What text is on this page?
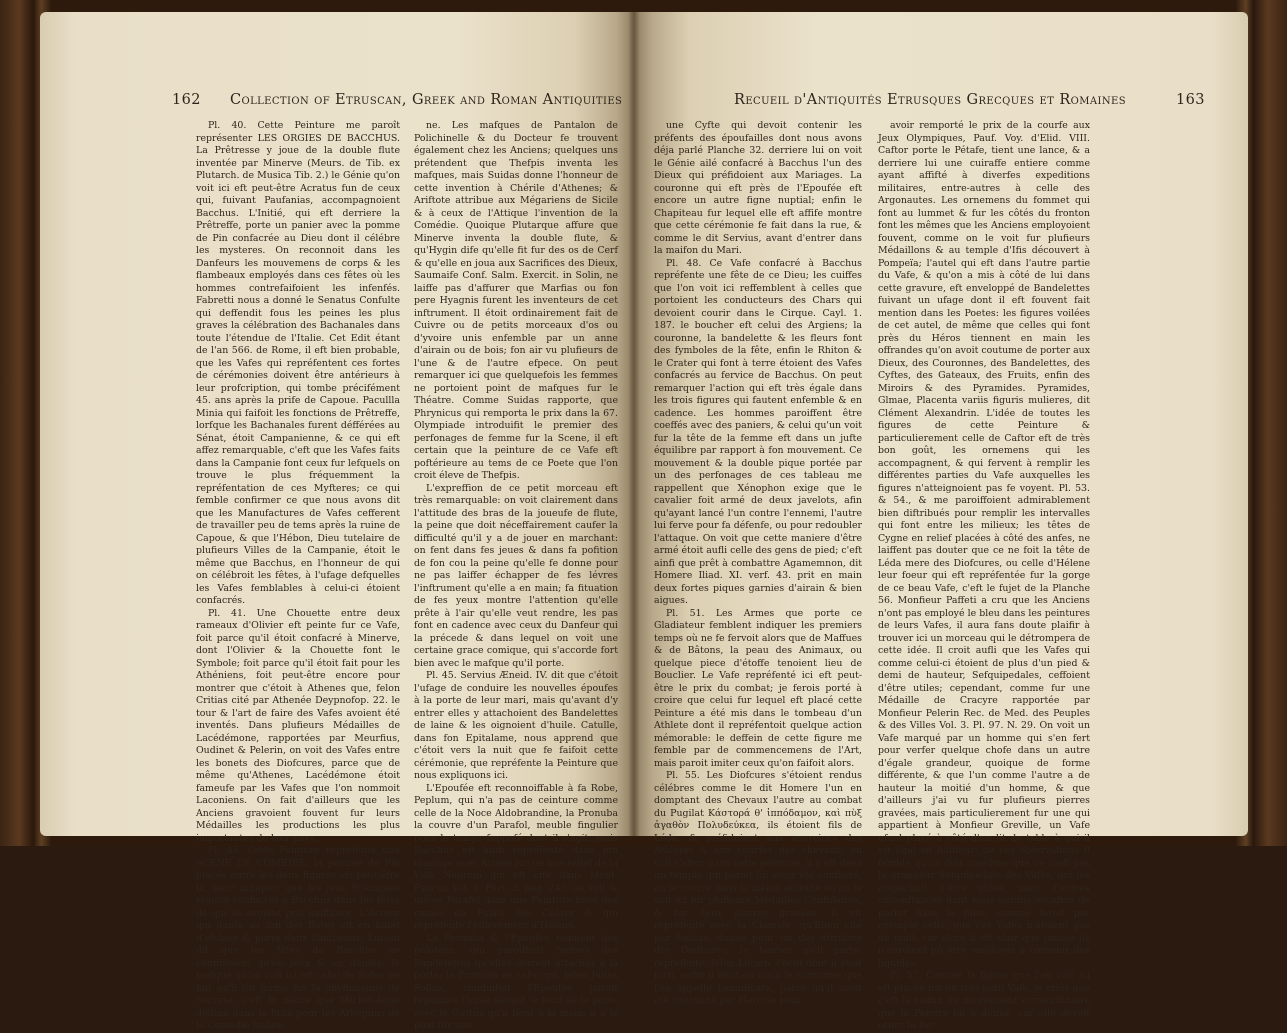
162 Collection of Etruscan, Greek and Roman Antiquities

Pl. 40. Cette Peinture me paroît représenter LES ORGIES DE BACCHUS. La Prêtresse y joue de la double flute inventée par Minerve (Meurs. de Tib. ex Plutarch. de Musica Tib. 2.) le Génie qu'on voit ici eft peut-être Acratus fun de ceux qui, fuivant Paufanias, accompagnoient Bacchus. L'Initié, qui eft derriere la Prêtreffe, porte un panier avec la pomme de Pin confacrée au Dieu dont il célébre les mysteres. On reconnoit dans les Danfeurs les mouvemens de corps & les flambeaux employés dans ces fêtes où les hommes contrefaifoient les infenfés. Fabretti nous a donné le Senatus Confulte qui deffendit fous les peines les plus graves la célébration des Bachanales dans toute l'étendue de l'Italie. Cet Edit étant de l'an 566. de Rome, il eft bien probable, que les Vafes qui repréfentent ces fortes de cérémonies doivent être antérieurs à leur profcription, qui tombe précifément 45. ans après la prife de Capoue. Pacullla Minia qui faifoit les fonctions de Prêtreffe, lorfque les Bachanales furent défférées au Sénat, étoit Campanienne, & ce qui eft affez remarquable, c'eft que les Vafes faits dans la Campanie font ceux fur lefquels on trouve le plus fréquemment la repréfentation de ces Myfteres; ce qui femble confirmer ce que nous avons dit que les Manufactures de Vafes cefferent de travailler peu de tems après la ruine de Capoue, & que l'Hébon, Dieu tutelaire de plufieurs Villes de la Campanie, étoit le même que Bacchus, en l'honneur de qui on célébroit les fêtes, à l'ufage defquelles les Vafes femblables à celui-ci étoient confacrés.

Pl. 41. Une Chouette entre deux rameaux d'Olivier eft peinte fur ce Vafe, foit parce qu'il étoit confacré à Minerve, dont l'Olivier & la Chouette font le Symbole; foit parce qu'il étoit fait pour les Athéniens, foit peut-être encore pour montrer que c'étoit à Athenes que, felon Critias cité par Athenée Deypnofop. 22. le tour & l'art de faire des Vafes avoient été inventés. Dans plufieurs Médailles de Lacédémone, rapportées par Meurfius, Oudinet & Pelerin, on voit des Vafes entre les bonets des Diofcures, parce que de même qu'Athenes, Lacédémone étoit fameufe par les Vafes que l'on nommoit Laconiens. On fait d'ailleurs que les Anciens gravoient fouvent fur leurs Médailles les productions les plus importantes de leur pays.

Pl. 43. Cette Peinture repréfente une SCENE DE COMEDIE, la pomme de Pin placée entre les deux figures eft peut-être là, pour indiquer que les jeux Scéniques étoient confacrés à Bacchus dans les fêtes de qui ils avoient pris naiffance. L'Acteur qui danfe au fon des flutes eft en habit d'efclave & porte deux flambeaux; Lucien dit que les fêtes de Bacchus ne confiftoient qu'en jeux & en danfes: le mafque qu'on voit ici eft celui de Sofie: on fait qu'il fut formé fur la phyfionomie de Socrate; c'eft le même que Michel-Ange deffina dans la fuite pour les Arlequins de la Comédie Italien-

ne. Les mafques de Pantalon de Polichinelle & du Docteur fe trouvent également chez les Anciens; quelques uns prétendent que Thefpis inventa les mafques, mais Suidas donne l'honneur de cette invention à Chérile d'Athenes; & Ariftote attribue aux Mégariens de Sicile & à ceux de l'Attique l'invention de la Comédie. Quoique Plutarque affure que Minerve inventa la double flute, & qu'Hygin dife qu'elle fit fur des os de Cerf & qu'elle en joua aux Sacrifices des Dieux, Saumaife Conf. Salm. Exercit. in Solin, ne laiffe pas d'affurer que Marfias ou fon pere Hyagnis furent les inventeurs de cet inftrument. Il étoit ordinairement fait de Cuivre ou de petits morceaux d'os ou d'yvoire unis enfemble par un anne d'airain ou de bois; fon air vu plufieurs de l'une & de l'autre efpece. On peut remarquer ici que quelquefois les femmes ne portoient point de mafques fur le Théatre. Comme Suidas rapporte, que Phrynicus qui remporta le prix dans la 67. Olympiade introduifit le premier des perfonages de femme fur la Scene, il eft certain que la peinture de ce Vafe eft poftérieure au tems de ce Poete que l'on croit éleve de Thefpis.

L'expreffion de ce petit morceau eft très remarquable: on voit clairement dans l'attitude des bras de la joueufe de flute, la peine que doit néceffairement caufer la difficulté qu'il y a de jouer en marchant: on fent dans fes jeues & dans fa pofition de fon cou la peine qu'elle fe donne pour ne pas laiffer échapper de fes lévres l'inftrument qu'elle a en main; fa fituation de fes yeux montre l'attention qu'elle prête à l'air qu'elle veut rendre, les pas font en cadence avec ceux du Danfeur qui la précede & dans lequel on voit une certaine grace comique, qui s'accorde fort bien avec le mafque qu'il porte.

Pl. 45. Servius Æneid. IV. dit que c'étoit l'ufage de conduire les nouvelles époufes à la porte de leur mari, mais qu'avant d'y entrer elles y attachoient des Bandelettes de laine & les oignoient d'huile. Catulle, dans fon Epitalame, nous apprend que c'étoit vers la nuit que fe faifoit cette cérémonie, que repréfente la Peinture que nous expliquons ici.

L'Epoufée eft reconnoiffable à fa Robe, Peplum, qui n'a pas de ceinture comme celle de la Noce Aldobrandine, la Pronuba la couvre d'un Parafol, meuble fingulier pour le temps fuppofé dont il s'agit; mais Bacchus eft ainfi repréfenté dans fon mariage avec Ariane fur un bas-relief de la Ville Négroni qui eft cité dans Mont-Faucon Vol. 1. Part. 2. pag. 240. on voit le même Parafol dans une Peinture tirée des ruines du Palais des Céfars & qui repréfente l'enlevement d'Héléne.

La Pronuba & l'Epoufée tiennent des pelotons, qui paroiffent formés des Bandelettes qu'elles doivent attacher à la porte: le Pronuba ou celui qui, felon Julius Pollux, conduifoit l'Epoufée paroit répandre l'huile devant le feuil de la porte avec le Guttus qu'il tient à la main; il a le pied fur une

Recueil d'Antiquités Etrusques Grecques et Romaines	163

une Cyfte qui devoit contenir les préfents des époufailles dont nous avons déja parlé Planche 32. derriere lui on voit le Génie ailé confacré à Bacchus l'un des Dieux qui préfidoient aux Mariages. La couronne qui eft près de l'Epoufée eft encore un autre figne nuptial; enfin le Chapiteau fur lequel elle eft affife montre que cette cérémonie fe fait dans la rue, & comme le dit Servius, avant d'entrer dans la maifon du Mari.

Pl. 48. Ce Vafe confacré à Bacchus repréfente une fête de ce Dieu; les cuiffes que l'on voit ici reffemblent à celles que portoient les conducteurs des Chars qui devoient courir dans le Cirque. Cayl. 1. 187. le boucher eft celui des Argiens; la couronne, la bandelette & les fleurs font des fymboles de la fête, enfin le Rhiton & le Crater qui font à terre étoient des Vafes confacrés au fervice de Bacchus. On peut remarquer l'action qui eft très égale dans les trois figures qui fautent enfemble & en cadence. Les hommes paroiffent être coeffés avec des paniers, & celui qu'un voit fur la tête de la femme eft dans un jufte équilibre par rapport à fon mouvement. Ce mouvement & la double pique portée par un des perfonages de ces tableau me rappellent que Xénophon exige que le cavalier foit armé de deux javelots, afin qu'ayant lancé l'un contre l'ennemi, l'autre lui ferve pour fa défenfe, ou pour redoubler l'attaque. On voit que cette maniere d'être armé étoit aufli celle des gens de pied; c'eft ainfi que prêt à combattre Agamemnon, dit Homere Iliad. XI. verf. 43. prit en main deux fortes piques garnies d'airain & bien aigues.

Pl. 51. Les Armes que porte ce Gladiateur femblent indiquer les premiers temps où ne fe fervoit alors que de Maffues & de Bâtons, la peau des Animaux, ou quelque piece d'étoffe tenoient lieu de Bouclier. Le Vafe repréfenté ici eft peut-être le prix du combat; je ferois porté à croire que celui fur lequel eft placé cette Peinture a été mis dans le tombeau d'un Athlete dont il repréfentoit quelque action mémorable: le deffein de cette figure me femble par de commencemens de l'Art, mais paroit imiter ceux qu'on faifoit alors.

Pl. 55. Les Diofcures s'étoient rendus célébres comme le dit Homere l'un en domptant des Chevaux l'autre au combat du Pugilat Κάστορά θ' ἱππόδαμον, καὶ πὺξ ἀγαθὸν Πολυδεύκεα, ils étoient fils de Léda, & préfidoient aux exercices des Athletes & aux courfes des chevaux: on voit Caftor dans cette peinture, il y eft dans un temple qui paroit lui avoir été confacré, on le trouve dans la même attitude où on le voit ici fur plufieurs Médailles Confulaires, & fur deux pierres gravées. Il eft repréfenté avec la Clamide, qu'Elien cité par Suidas, donne pour un des attributs des Diofcures; le bonnet qu'il porte, repréfente, felon Lucien, l'oeuf dont il étoit forti, enfin il tient en main la couronne que l'on appelle Lemnifcata, parce qu'il avoit été couronné par Hercule pour

avoir remporté le prix de la courfe aux Jeux Olympiques, Pauf. Voy. d'Elid. VIII. Caftor porte le Pétafe, tient une lance, & a derriere lui une cuiraffe entiere comme ayant affifté à diverfes expeditions militaires, entre-autres à celle des Argonautes. Les ornemens du fommet qui font au lummet & fur les côtés du fronton font les mêmes que les Anciens employoient fouvent, comme on le voit fur plufieurs Médaillons & au temple d'Ifis découvert à Pompeïa; l'autel qui eft dans l'autre partie du Vafe, & qu'on a mis à côté de lui dans cette gravure, eft enveloppé de Bandelettes fuivant un ufage dont il eft fouvent fait mention dans les Poetes: les figures voilées de cet autel, de même que celles qui font près du Héros tiennent en main les offrandes qu'on avoit coutume de porter aux Dieux, des Couronnes, des Bandelettes, des Cyftes, des Gateaux, des Fruits, enfin des Miroirs & des Pyramides. Pyramides, Glmae, Placenta variis figuris mulieres, dit Clément Alexandrin. L'idée de toutes les figures de cette Peinture & particulierement celle de Caftor eft de très bon goût, les ornemens qui les accompagnent, & qui fervent à remplir les différentes parties du Vafe auxquelles les figures n'atteignoient pas fe voyent. Pl. 53. & 54., & me paroiffoient admirablement bien diftribués pour remplir les intervalles qui font entre les milieux; les têtes de Cygne en relief placées à côté des anfes, ne laiffent pas douter que ce ne foit la tête de Léda mere des Diofcures, ou celle d'Hélene leur foeur qui eft repréfentée fur la gorge de ce beau Vafe, c'eft le fujet de la Planche 56. Monfieur Paffeti a cru que les Anciens n'ont pas employé le bleu dans les peintures de leurs Vafes, il aura fans doute plaifir à trouver ici un morceau qui le détrompera de cette idée. Il croit aufli que les Vafes qui comme celui-ci étoient de plus d'un pied & demi de hauteur, Sefquipedales, ceffoient d'être utiles; cependant, comme fur une Médaille de Cracyre rapportée par Monfieur Pelerin Rec. de Med. des Peuples & des Villes Vol. 3. Pl. 97. N. 29. On voit un Vafe marqué par un homme qui s'en fert pour verfer quelque chofe dans un autre d'égale grandeur, quoique de forme différente, & que l'un comme l'autre a de hauteur la moitié d'un homme, & que d'ailleurs j'ai vu fur plufieurs pierres gravées, mais particulierement fur une qui appartient à Monfieur Greville, un Vafe ufuel placé à côté d'un lit de table à qui il eft égal en hauteur: de ces obfervations il femble qu'on doit conclure que ce n'eft pas la grandeur Sefquipedale des Vafes, qui les empêchoit d'être utiles, mais d'autres circonftances dont nous aurons occafion de parler dans la fuite, comme feroit par exemple celle, que ces Vafes n'étoient pas de fond; car alors il eft clair que jamais ils n'auroient pû être employés à contenir des liquides.

Pl. 57. Comme la figure que l'on voit ici eft placée fur un très petit Vafe, je crois que c'eft la raifon du mouvement extraordinaire que le Peintre lui a donné, car elle devoit orner la fur-
